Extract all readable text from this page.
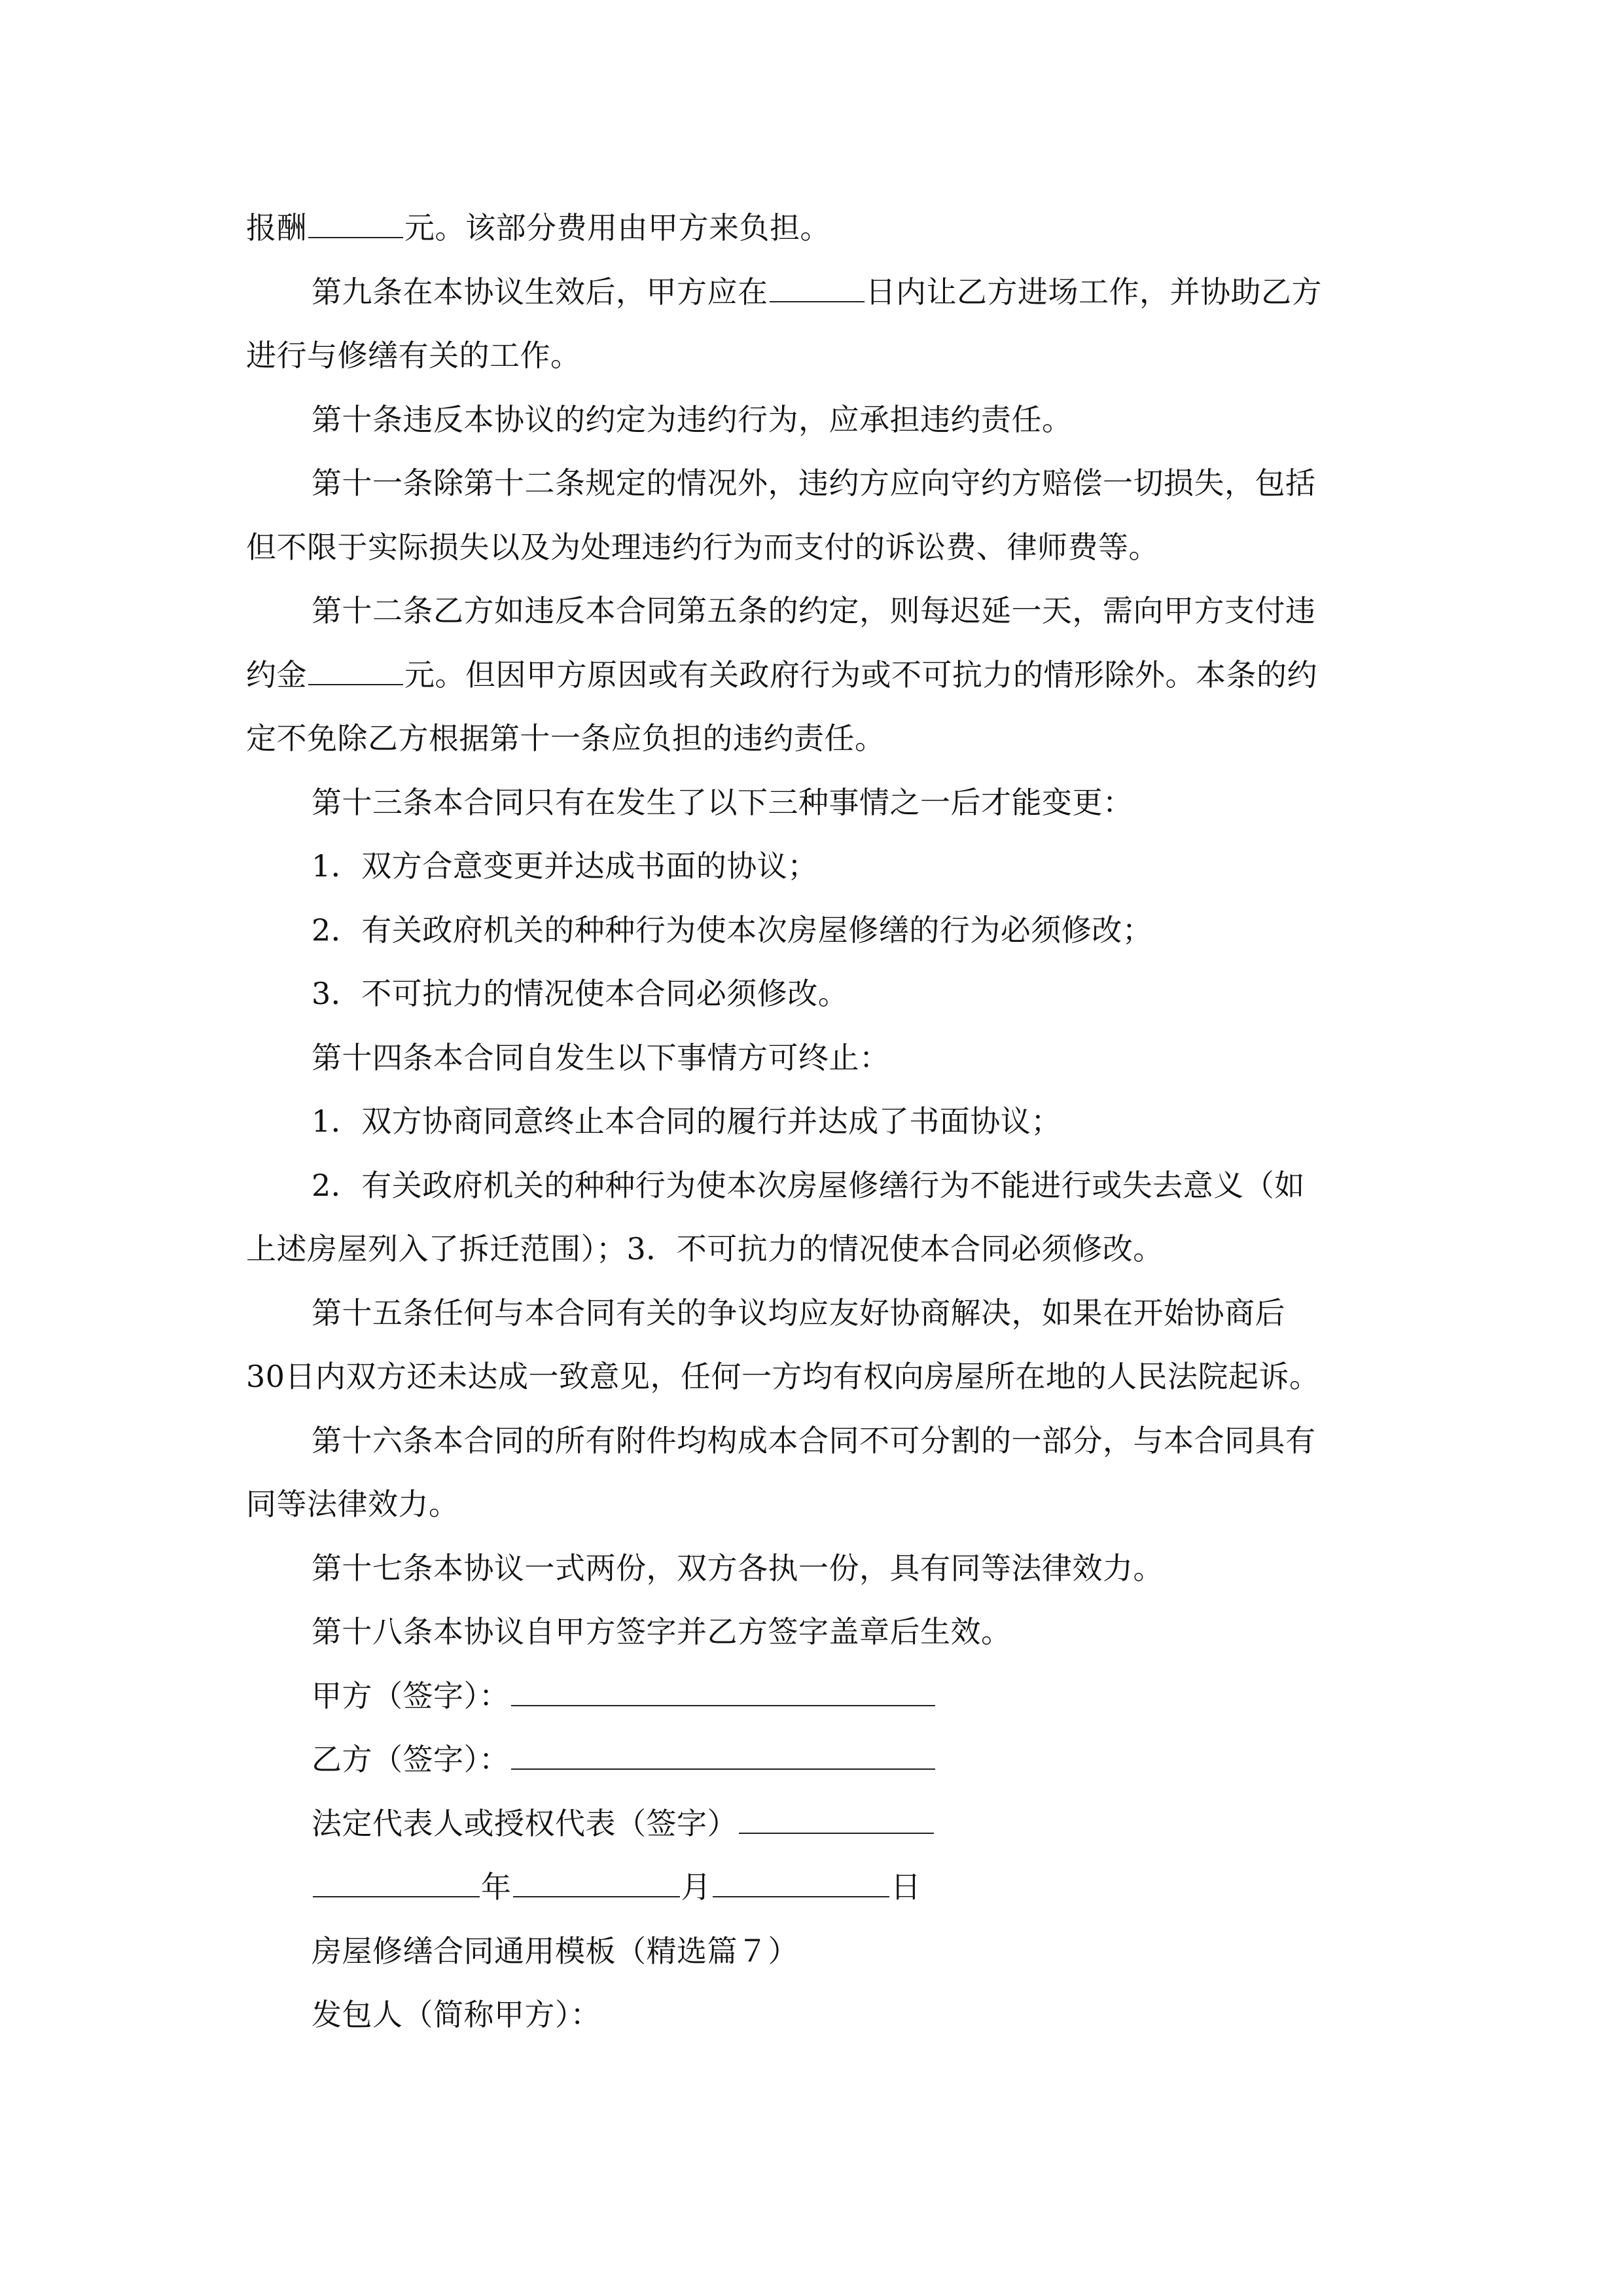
报酬	元。该部分费用由甲方来负担。
第九条在本协议生效后，甲方应在	日内让乙方进场工作，并协助乙方
进行与修缮有关的工作。
第十条违反本协议的约定为违约行为，应承担违约责任。
第十一条除第十二条规定的情况外，违约方应向守约方赔偿一切损失，包括
但不限于实际损失以及为处理违约行为而支付的诉讼费、律师费等。
第十二条乙方如违反本合同第五条的约定，则每迟延一天，需向甲方支付违
约金	元。但因甲方原因或有关政府行为或不可抗力的情形除外。本条的约
定不免除乙方根据第十一条应负担的违约责任。
第十三条本合同只有在发生了以下三种事情之一后才能变更：
1．双方合意变更并达成书面的协议；
2．有关政府机关的种种行为使本次房屋修缮的行为必须修改；
3．不可抗力的情况使本合同必须修改。
第十四条本合同自发生以下事情方可终止：
1．双方协商同意终止本合同的履行并达成了书面协议；
2．有关政府机关的种种行为使本次房屋修缮行为不能进行或失去意义（如
上述房屋列入了拆迁范围）；3．不可抗力的情况使本合同必须修改。
第十五条任何与本合同有关的争议均应友好协商解决，如果在开始协商后
30日内双方还未达成一致意见，任何一方均有权向房屋所在地的人民法院起诉。
第十六条本合同的所有附件均构成本合同不可分割的一部分，与本合同具有
同等法律效力。
第十七条本协议一式两份，双方各执一份，具有同等法律效力。
第十八条本协议自甲方签字并乙方签字盖章后生效。
甲方（签字）：
乙方（签字）：
法定代表人或授权代表（签字）
年	月	日
房屋修缮合同通用模板（精选篇７）
发包人（简称甲方）：
